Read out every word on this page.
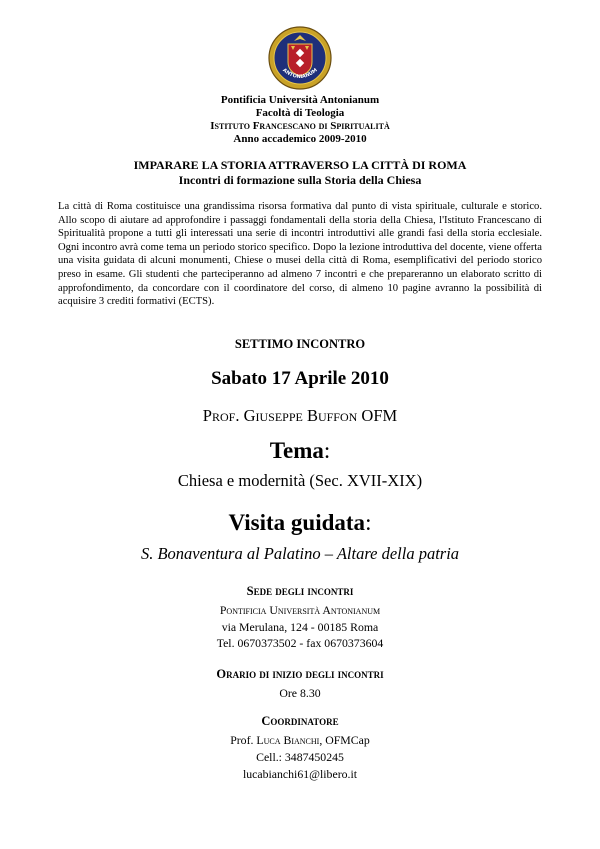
ANTONIANUM
Pontificia Università Antonianum
Facoltà di Teologia
Istituto Francescano di Spiritualità
Anno accademico 2009-2010
IMPARARE LA STORIA ATTRAVERSO LA CITTÀ DI ROMA
Incontri di formazione sulla Storia della Chiesa
La città di Roma costituisce una grandissima risorsa formativa dal punto di vista spirituale, culturale e storico. Allo scopo di aiutare ad approfondire i passaggi fondamentali della storia della Chiesa, l'Istituto Francescano di Spiritualità propone a tutti gli interessati una serie di incontri introduttivi alle grandi fasi della storia ecclesiale. Ogni incontro avrà come tema un periodo storico specifico. Dopo la lezione introduttiva del docente, viene offerta una visita guidata di alcuni monumenti, Chiese o musei della città di Roma, esemplificativi del periodo storico preso in esame. Gli studenti che parteciperanno ad almeno 7 incontri e che prepareranno un elaborato scritto di approfondimento, da concordare con il coordinatore del corso, di almeno 10 pagine avranno la possibilità di acquisire 3 crediti formativi (ECTS).
SETTIMO INCONTRO
Sabato 17 Aprile 2010
Prof. Giuseppe Buffon OFM
Tema:
Chiesa e modernità (Sec. XVII-XIX)
Visita guidata:
S. Bonaventura al Palatino – Altare della patria
Sede degli incontri
Pontificia Università Antonianum
via Merulana, 124 - 00185 Roma
Tel. 0670373502 - fax 0670373604
Orario di inizio degli incontri
Ore 8.30
Coordinatore
Prof. Luca Bianchi, OFMCap
Cell.: 3487450245
lucabianchi61@libero.it
